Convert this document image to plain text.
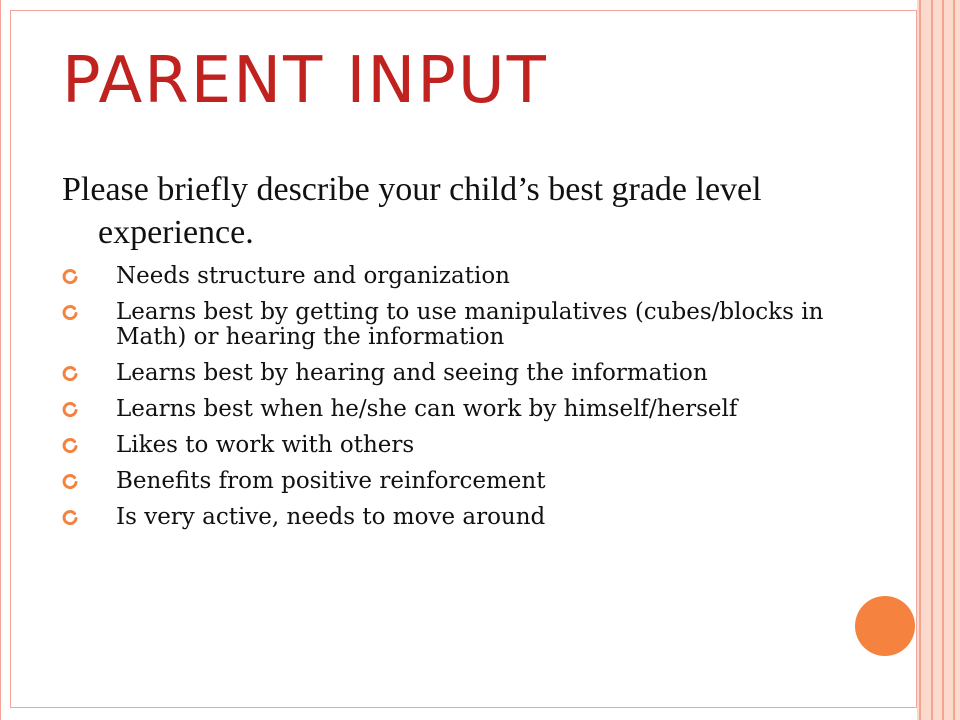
PARENT INPUT

Please briefly describe your child’s best grade level experience.

Needs structure and organization
Learns best by getting to use manipulatives (cubes/blocks in Math) or hearing the information
Learns best by hearing and seeing the information
Learns best when he/she can work by himself/herself
Likes to work with others
Benefits from positive reinforcement
Is very active, needs to move around
